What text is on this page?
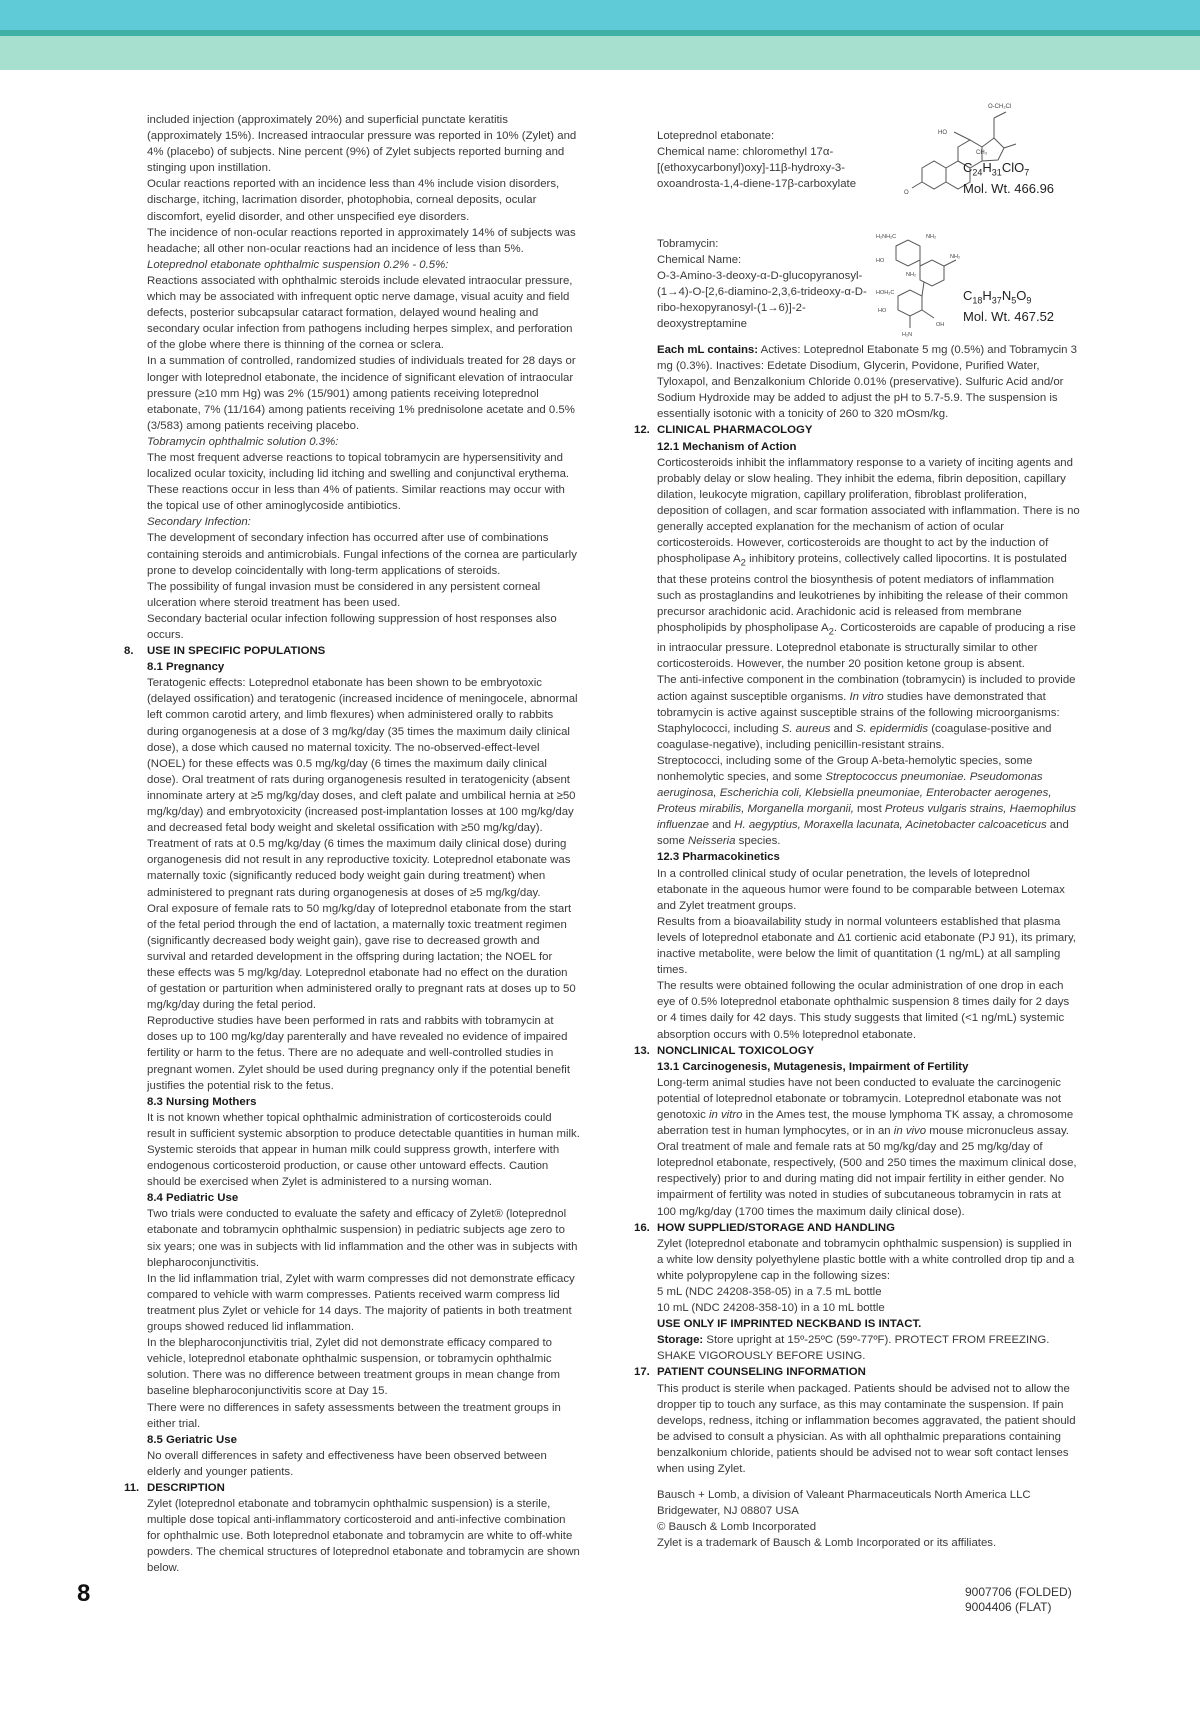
included injection (approximately 20%) and superficial punctate keratitis (approximately 15%). Increased intraocular pressure was reported in 10% (Zylet) and 4% (placebo) of subjects. Nine percent (9%) of Zylet subjects reported burning and stinging upon instillation.

Ocular reactions reported with an incidence less than 4% include vision disorders, discharge, itching, lacrimation disorder, photophobia, corneal deposits, ocular discomfort, eyelid disorder, and other unspecified eye disorders.

The incidence of non-ocular reactions reported in approximately 14% of subjects was headache; all other non-ocular reactions had an incidence of less than 5%.

Loteprednol etabonate ophthalmic suspension 0.2% - 0.5%:

Reactions associated with ophthalmic steroids include elevated intraocular pressure, which may be associated with infrequent optic nerve damage, visual acuity and field defects, posterior subcapsular cataract formation, delayed wound healing and secondary ocular infection from pathogens including herpes simplex, and perforation of the globe where there is thinning of the cornea or sclera.

In a summation of controlled, randomized studies of individuals treated for 28 days or longer with loteprednol etabonate, the incidence of significant elevation of intraocular pressure (≥10 mm Hg) was 2% (15/901) among patients receiving loteprednol etabonate, 7% (11/164) among patients receiving 1% prednisolone acetate and 0.5% (3/583) among patients receiving placebo.

Tobramycin ophthalmic solution 0.3%:

The most frequent adverse reactions to topical tobramycin are hypersensitivity and localized ocular toxicity, including lid itching and swelling and conjunctival erythema. These reactions occur in less than 4% of patients. Similar reactions may occur with the topical use of other aminoglycoside antibiotics.

Secondary Infection:

The development of secondary infection has occurred after use of combinations containing steroids and antimicrobials. Fungal infections of the cornea are particularly prone to develop coincidentally with long-term applications of steroids.

The possibility of fungal invasion must be considered in any persistent corneal ulceration where steroid treatment has been used.

Secondary bacterial ocular infection following suppression of host responses also occurs.

8.	USE IN SPECIFIC POPULATIONS

8.1 Pregnancy

Teratogenic effects: Loteprednol etabonate has been shown to be embryotoxic (delayed ossification) and teratogenic (increased incidence of meningocele, abnormal left common carotid artery, and limb flexures) when administered orally to rabbits during organogenesis at a dose of 3 mg/kg/day (35 times the maximum daily clinical dose), a dose which caused no maternal toxicity. The no-observed-effect-level (NOEL) for these effects was 0.5 mg/kg/day (6 times the maximum daily clinical dose). Oral treatment of rats during organogenesis resulted in teratogenicity (absent innominate artery at ≥5 mg/kg/day doses, and cleft palate and umbilical hernia at ≥50 mg/kg/day) and embryotoxicity (increased post-implantation losses at 100 mg/kg/day and decreased fetal body weight and skeletal ossification with ≥50 mg/kg/day). Treatment of rats at 0.5 mg/kg/day (6 times the maximum daily clinical dose) during organogenesis did not result in any reproductive toxicity. Loteprednol etabonate was maternally toxic (significantly reduced body weight gain during treatment) when administered to pregnant rats during organogenesis at doses of ≥5 mg/kg/day.

Oral exposure of female rats to 50 mg/kg/day of loteprednol etabonate from the start of the fetal period through the end of lactation, a maternally toxic treatment regimen (significantly decreased body weight gain), gave rise to decreased growth and survival and retarded development in the offspring during lactation; the NOEL for these effects was 5 mg/kg/day. Loteprednol etabonate had no effect on the duration of gestation or parturition when administered orally to pregnant rats at doses up to 50 mg/kg/day during the fetal period.

Reproductive studies have been performed in rats and rabbits with tobramycin at doses up to 100 mg/kg/day parenterally and have revealed no evidence of impaired fertility or harm to the fetus. There are no adequate and well-controlled studies in pregnant women. Zylet should be used during pregnancy only if the potential benefit justifies the potential risk to the fetus.

8.3 Nursing Mothers

It is not known whether topical ophthalmic administration of corticosteroids could result in sufficient systemic absorption to produce detectable quantities in human milk. Systemic steroids that appear in human milk could suppress growth, interfere with endogenous corticosteroid production, or cause other untoward effects. Caution should be exercised when Zylet is administered to a nursing woman.

8.4 Pediatric Use

Two trials were conducted to evaluate the safety and efficacy of Zylet® (loteprednol etabonate and tobramycin ophthalmic suspension) in pediatric subjects age zero to six years; one was in subjects with lid inflammation and the other was in subjects with blepharoconjunctivitis.

In the lid inflammation trial, Zylet with warm compresses did not demonstrate efficacy compared to vehicle with warm compresses. Patients received warm compress lid treatment plus Zylet or vehicle for 14 days. The majority of patients in both treatment groups showed reduced lid inflammation.

In the blepharoconjunctivitis trial, Zylet did not demonstrate efficacy compared to vehicle, loteprednol etabonate ophthalmic suspension, or tobramycin ophthalmic solution. There was no difference between treatment groups in mean change from baseline blepharoconjunctivitis score at Day 15.

There were no differences in safety assessments between the treatment groups in either trial.

8.5 Geriatric Use

No overall differences in safety and effectiveness have been observed between elderly and younger patients.

11. DESCRIPTION

Zylet (loteprednol etabonate and tobramycin ophthalmic suspension) is a sterile, multiple dose topical anti-inflammatory corticosteroid and anti-infective combination for ophthalmic use. Both loteprednol etabonate and tobramycin are white to off-white powders. The chemical structures of loteprednol etabonate and tobramycin are shown below.

Loteprednol etabonate:

Chemical name: chloromethyl 17α-[(ethoxycarbonyl)oxy]-11β-hydroxy-3-oxoandrosta-1,4-diene-17β-carboxylate

O-CH₂Cl
HO
O
CH₃
$C_{24}H_{31}ClO_7$
Mol. Wt. 466.96

Tobramycin:

Chemical Name:

O-3-Amino-3-deoxy-α-D-glucopyranosyl-(1→4)-O-[2,6-diamino-2,3,6-trideoxy-α-D-ribo-hexopyranosyl-(1→6)]-2-deoxystreptamine

H₂NH₂C	NH₂
NH₂
HO
NH₂
HOH₂C
HO
H₂N
OH
$C_{18}H_{37}N_5O_9$
Mol. Wt. 467.52

Each mL contains: Actives: Loteprednol Etabonate 5 mg (0.5%) and Tobramycin 3 mg (0.3%). Inactives: Edetate Disodium, Glycerin, Povidone, Purified Water, Tyloxapol, and Benzalkonium Chloride 0.01% (preservative). Sulfuric Acid and/or Sodium Hydroxide may be added to adjust the pH to 5.7-5.9. The suspension is essentially isotonic with a tonicity of 260 to 320 mOsm/kg.

12. CLINICAL PHARMACOLOGY

12.1 Mechanism of Action

Corticosteroids inhibit the inflammatory response to a variety of inciting agents and probably delay or slow healing. They inhibit the edema, fibrin deposition, capillary dilation, leukocyte migration, capillary proliferation, fibroblast proliferation, deposition of collagen, and scar formation associated with inflammation. There is no generally accepted explanation for the mechanism of action of ocular corticosteroids. However, corticosteroids are thought to act by the induction of phospholipase $A_2$ inhibitory proteins, collectively called lipocortins. It is postulated that these proteins control the biosynthesis of potent mediators of inflammation such as prostaglandins and leukotrienes by inhibiting the release of their common precursor arachidonic acid. Arachidonic acid is released from membrane phospholipids by phospholipase $A_2$. Corticosteroids are capable of producing a rise in intraocular pressure. Loteprednol etabonate is structurally similar to other corticosteroids. However, the number 20 position ketone group is absent.

The anti-infective component in the combination (tobramycin) is included to provide action against susceptible organisms. In vitro studies have demonstrated that tobramycin is active against susceptible strains of the following microorganisms:

Staphylococci, including S. aureus and S. epidermidis (coagulase-positive and coagulase-negative), including penicillin-resistant strains.

Streptococci, including some of the Group A-beta-hemolytic species, some nonhemolytic species, and some Streptococcus pneumoniae. Pseudomonas aeruginosa, Escherichia coli, Klebsiella pneumoniae, Enterobacter aerogenes, Proteus mirabilis, Morganella morganii, most Proteus vulgaris strains, Haemophilus influenzae and H. aegyptius, Moraxella lacunata, Acinetobacter calcoaceticus and some Neisseria species.

12.3 Pharmacokinetics

In a controlled clinical study of ocular penetration, the levels of loteprednol etabonate in the aqueous humor were found to be comparable between Lotemax and Zylet treatment groups.

Results from a bioavailability study in normal volunteers established that plasma levels of loteprednol etabonate and Δ1 cortienic acid etabonate (PJ 91), its primary, inactive metabolite, were below the limit of quantitation (1 ng/mL) at all sampling times.

The results were obtained following the ocular administration of one drop in each eye of 0.5% loteprednol etabonate ophthalmic suspension 8 times daily for 2 days or 4 times daily for 42 days. This study suggests that limited (<1 ng/mL) systemic absorption occurs with 0.5% loteprednol etabonate.

13. NONCLINICAL TOXICOLOGY

13.1 Carcinogenesis, Mutagenesis, Impairment of Fertility

Long-term animal studies have not been conducted to evaluate the carcinogenic potential of loteprednol etabonate or tobramycin. Loteprednol etabonate was not genotoxic in vitro in the Ames test, the mouse lymphoma TK assay, a chromosome aberration test in human lymphocytes, or in an in vivo mouse micronucleus assay. Oral treatment of male and female rats at 50 mg/kg/day and 25 mg/kg/day of loteprednol etabonate, respectively, (500 and 250 times the maximum clinical dose, respectively) prior to and during mating did not impair fertility in either gender. No impairment of fertility was noted in studies of subcutaneous tobramycin in rats at 100 mg/kg/day (1700 times the maximum daily clinical dose).

16. HOW SUPPLIED/STORAGE AND HANDLING

Zylet (loteprednol etabonate and tobramycin ophthalmic suspension) is supplied in a white low density polyethylene plastic bottle with a white controlled drop tip and a white polypropylene cap in the following sizes:

5 mL (NDC 24208-358-05) in a 7.5 mL bottle

10 mL (NDC 24208-358-10) in a 10 mL bottle

USE ONLY IF IMPRINTED NECKBAND IS INTACT.

Storage: Store upright at 15º-25ºC (59º-77ºF). PROTECT FROM FREEZING. SHAKE VIGOROUSLY BEFORE USING.

17. PATIENT COUNSELING INFORMATION

This product is sterile when packaged. Patients should be advised not to allow the dropper tip to touch any surface, as this may contaminate the suspension. If pain develops, redness, itching or inflammation becomes aggravated, the patient should be advised to consult a physician. As with all ophthalmic preparations containing benzalkonium chloride, patients should be advised not to wear soft contact lenses when using Zylet.

Bausch + Lomb, a division of Valeant Pharmaceuticals North America LLC Bridgewater, NJ 08807 USA

© Bausch & Lomb Incorporated

Zylet is a trademark of Bausch & Lomb Incorporated or its affiliates.

8	9007706 (FOLDED)
9004406 (FLAT)
